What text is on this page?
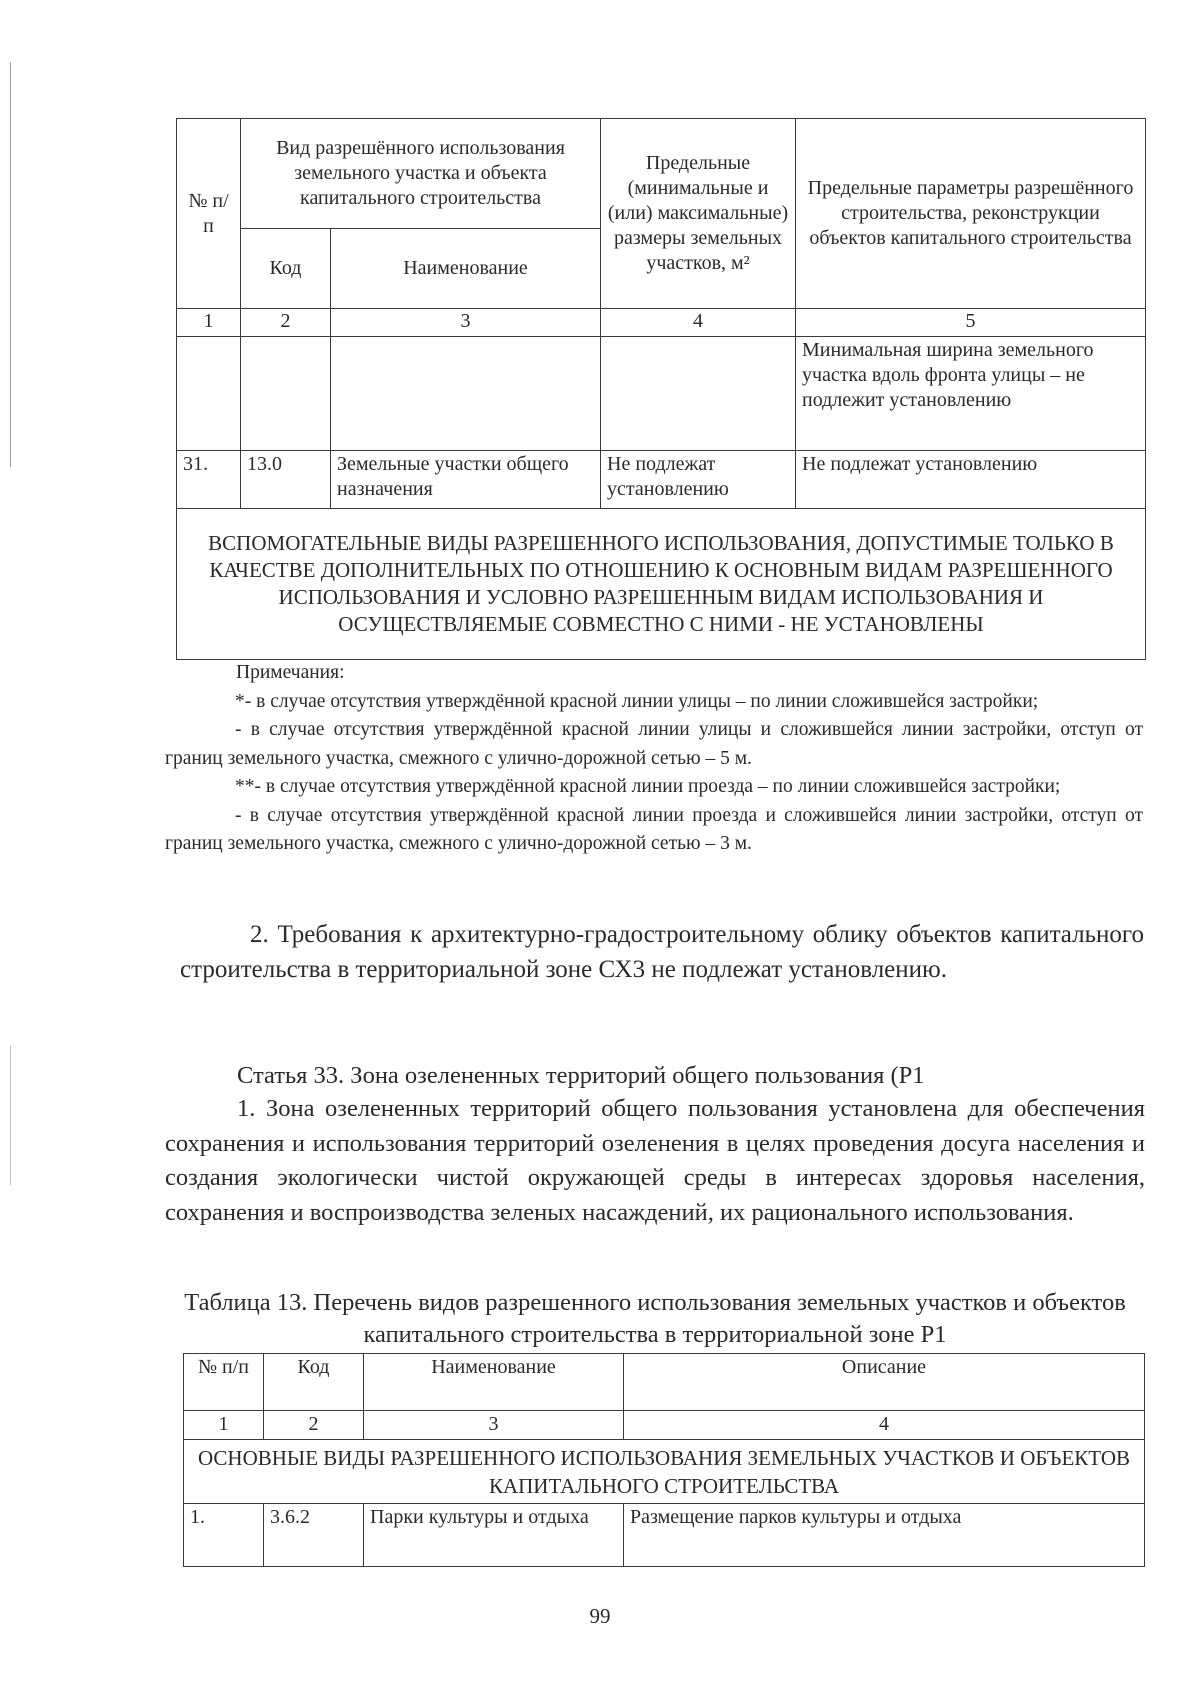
№ п/п	Вид разрешённого использования земельного участка и объекта капитального строительства		Предельные (минимальные и (или) максимальные) размеры земельных участков, м²	Предельные параметры разрешённого строительства, реконструкции объектов капитального строительства
	Код	Наименование		
1	2	3	4	5
				Минимальная ширина земельного участка вдоль фронта улицы – не подлежит установлению
31.	13.0	Земельные участки общего назначения	Не подлежат установлению	Не подлежат установлению
ВСПОМОГАТЕЛЬНЫЕ ВИДЫ РАЗРЕШЕННОГО ИСПОЛЬЗОВАНИЯ, ДОПУСТИМЫЕ ТОЛЬКО В КАЧЕСТВЕ ДОПОЛНИТЕЛЬНЫХ ПО ОТНОШЕНИЮ К ОСНОВНЫМ ВИДАМ РАЗРЕШЕННОГО ИСПОЛЬЗОВАНИЯ И УСЛОВНО РАЗРЕШЕННЫМ ВИДАМ ИСПОЛЬЗОВАНИЯ И ОСУЩЕСТВЛЯЕМЫЕ СОВМЕСТНО С НИМИ - НЕ УСТАНОВЛЕНЫ				

Примечания:

*- в случае отсутствия утверждённой красной линии улицы – по линии сложившейся застройки;

- в случае отсутствия утверждённой красной линии улицы и сложившейся линии застройки, отступ от границ земельного участка, смежного с улично-дорожной сетью – 5 м.

**- в случае отсутствия утверждённой красной линии проезда – по линии сложившейся застройки;

- в случае отсутствия утверждённой красной линии проезда и сложившейся линии застройки, отступ от границ земельного участка, смежного с улично-дорожной сетью – 3 м.

2. Требования к архитектурно-градостроительному облику объектов капитального строительства в территориальной зоне СХ3 не подлежат установлению.

Статья 33. Зона озелененных территорий общего пользования (Р1

1. Зона озелененных территорий общего пользования установлена для обеспечения сохранения и использования территорий озеленения в целях проведения досуга населения и создания экологически чистой окружающей среды в интересах здоровья населения, сохранения и воспроизводства зеленых насаждений, их рационального использования.

Таблица 13. Перечень видов разрешенного использования земельных участков и объектов капитального строительства в территориальной зоне Р1

№ п/п	Код	Наименование	Описание
1	2	3	4
ОСНОВНЫЕ ВИДЫ РАЗРЕШЕННОГО ИСПОЛЬЗОВАНИЯ ЗЕМЕЛЬНЫХ УЧАСТКОВ И ОБЪЕКТОВ КАПИТАЛЬНОГО СТРОИТЕЛЬСТВА			
1.	3.6.2	Парки культуры и отдыха	Размещение парков культуры и отдыха
99
